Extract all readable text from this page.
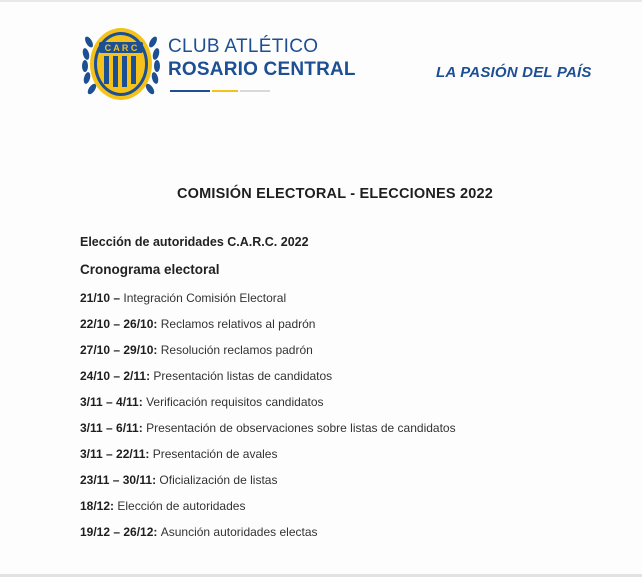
C A R C CLUB ATLÉTICO
ROSARIO CENTRAL	LA PASIÓN DEL PAÍS
COMISIÓN ELECTORAL - ELECCIONES 2022
Elección de autoridades C.A.R.C. 2022
Cronograma electoral
21/10 – Integración Comisión Electoral
22/10 – 26/10: Reclamos relativos al padrón
27/10 – 29/10: Resolución reclamos padrón
24/10 – 2/11: Presentación listas de candidatos
3/11 – 4/11: Verificación requisitos candidatos
3/11 – 6/11: Presentación de observaciones sobre listas de candidatos
3/11 – 22/11: Presentación de avales
23/11 – 30/11: Oficialización de listas
18/12: Elección de autoridades
19/12 – 26/12: Asunción autoridades electas
